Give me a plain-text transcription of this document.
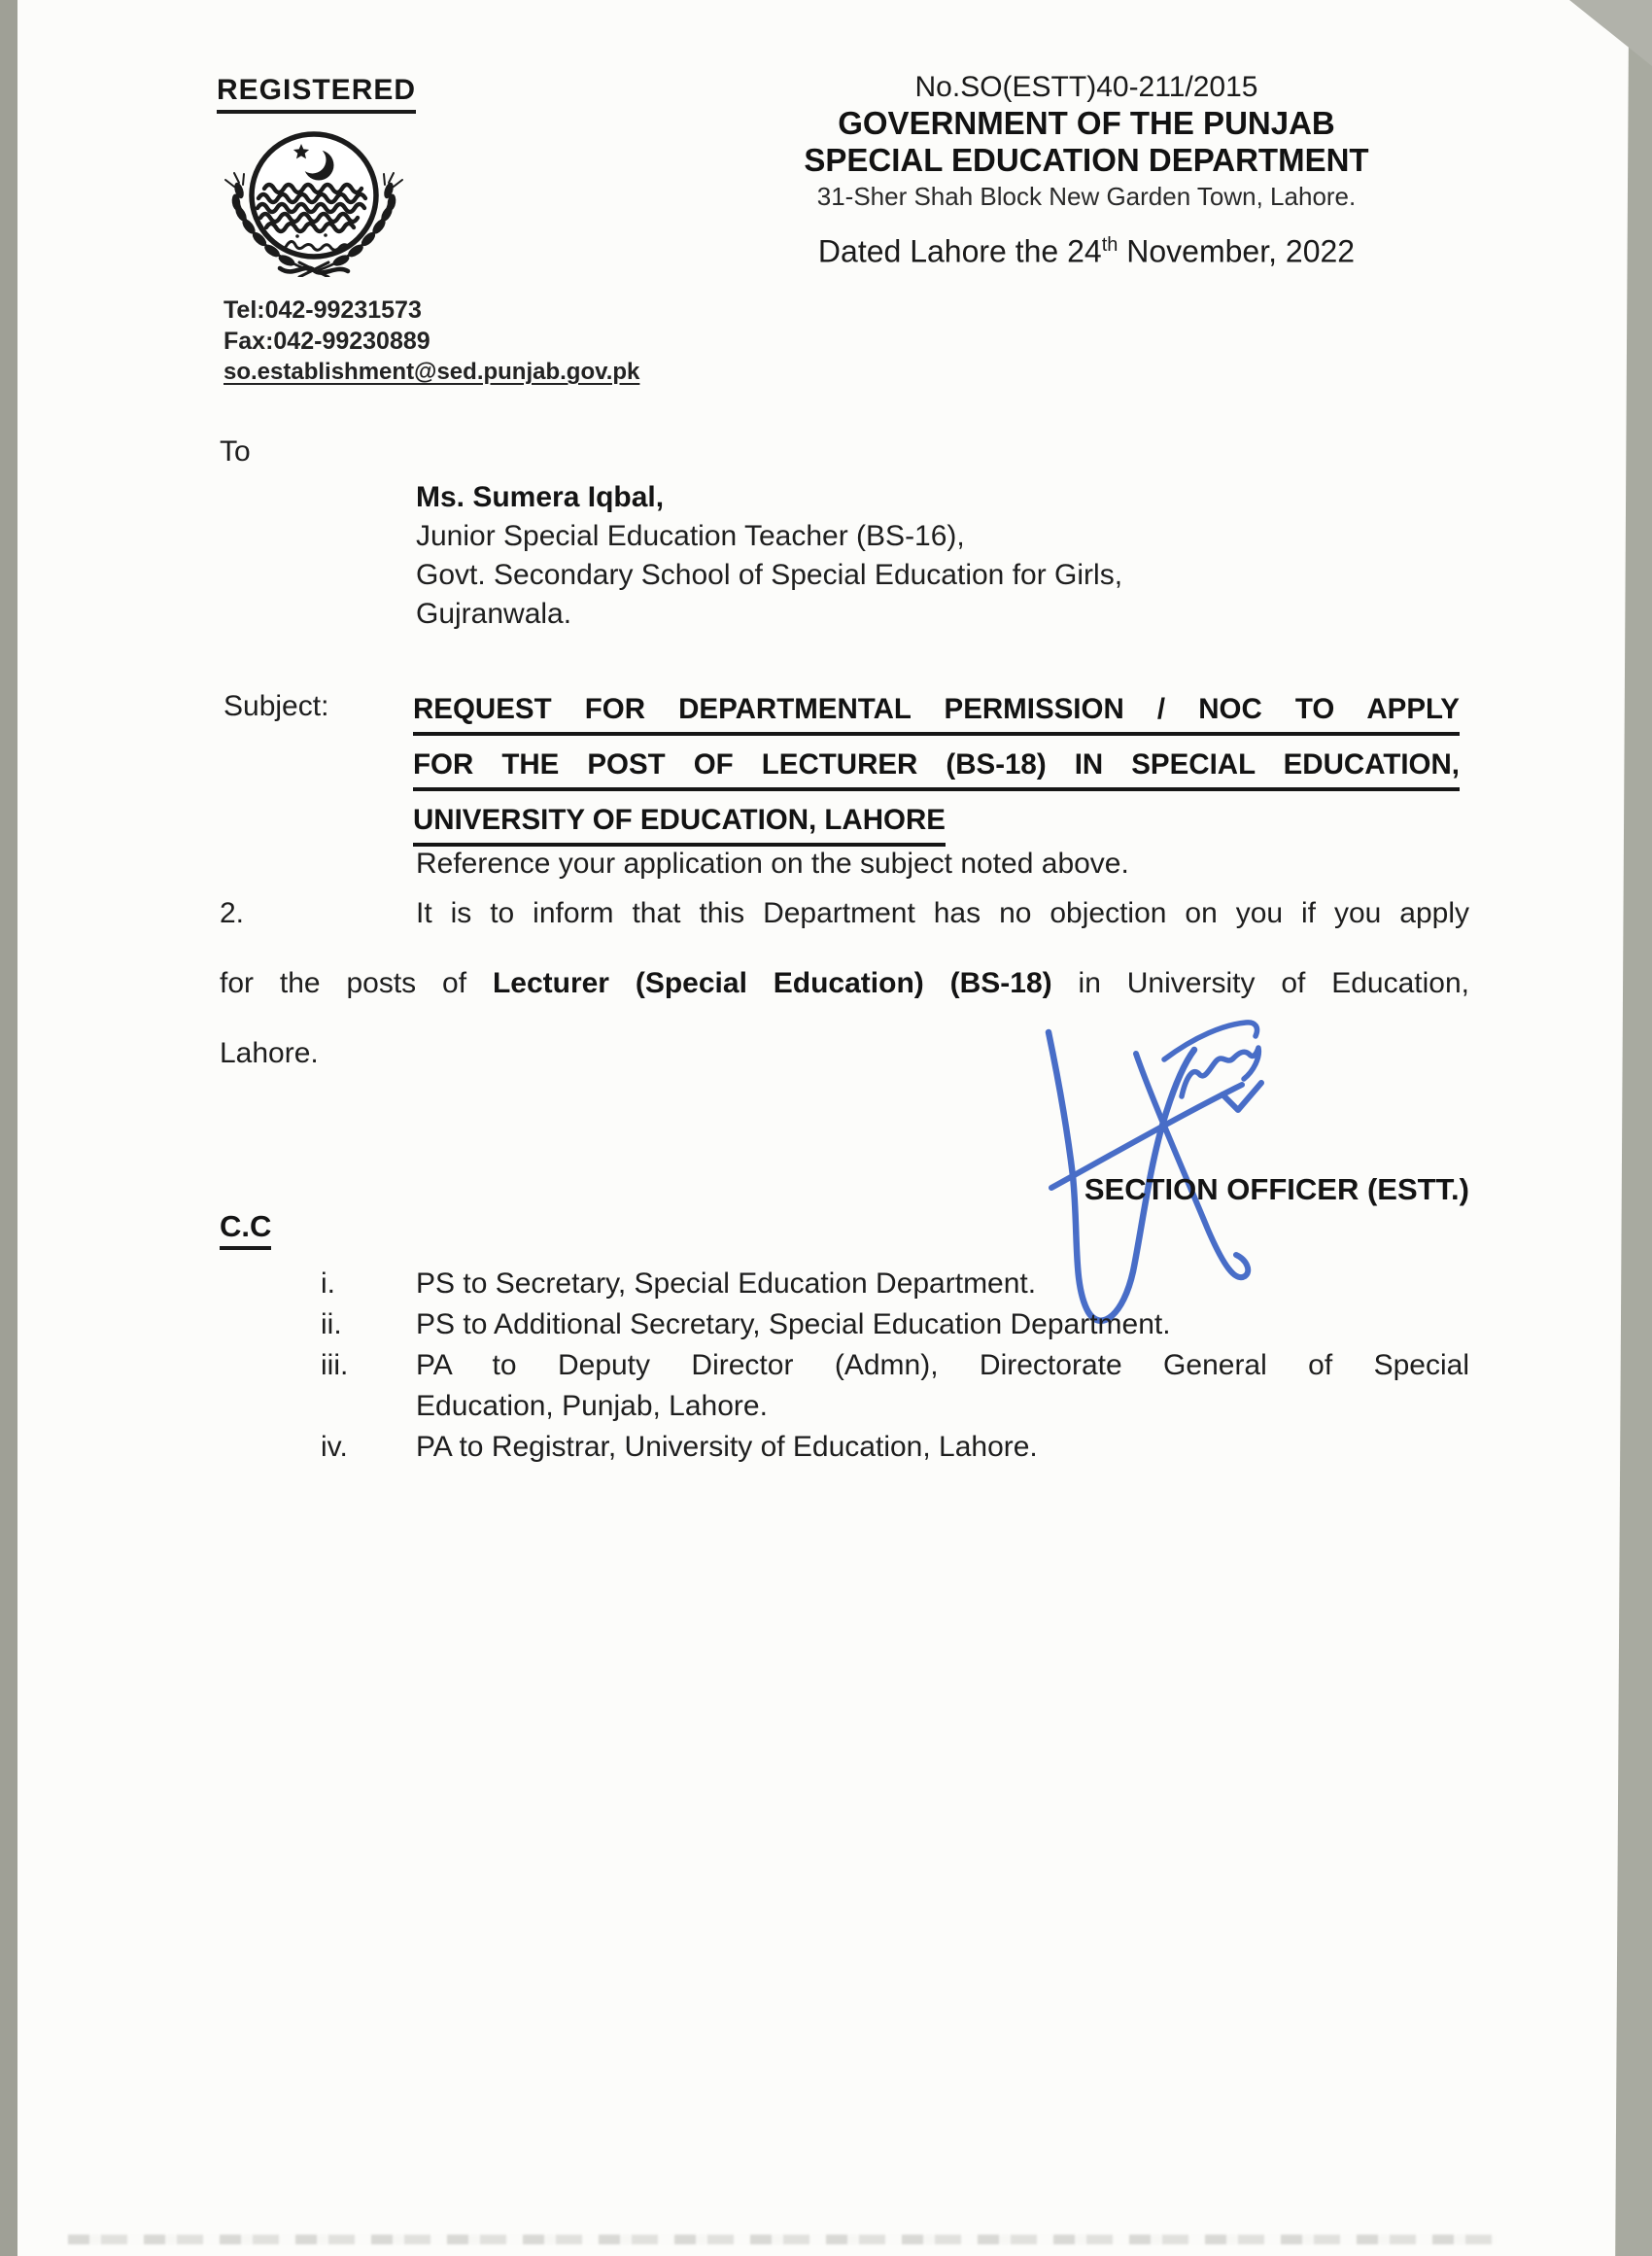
REGISTERED
Tel:042-99231573
Fax:042-99230889
so.establishment@sed.punjab.gov.pk
No.SO(ESTT)40-211/2015
GOVERNMENT OF THE PUNJAB
SPECIAL EDUCATION DEPARTMENT
31-Sher Shah Block New Garden Town, Lahore.
Dated Lahore the 24th November, 2022
To
Ms. Sumera Iqbal,
Junior Special Education Teacher (BS-16),
Govt. Secondary School of Special Education for Girls,
Gujranwala.
Subject:	REQUEST FOR DEPARTMENTAL PERMISSION / NOC TO APPLY
FOR THE POST OF LECTURER (BS-18) IN SPECIAL EDUCATION,
UNIVERSITY OF EDUCATION, LAHORE
Reference your application on the subject noted above.
2.	It is to inform that this Department has no objection on you if you apply
for the posts of Lecturer (Special Education) (BS-18) in University of Education,
Lahore.
SECTION OFFICER (ESTT.)
C.C
i.	PS to Secretary, Special Education Department.
ii.	PS to Additional Secretary, Special Education Department.
iii.	PA to Deputy Director (Admn), Directorate General of Special
Education, Punjab, Lahore.
iv.	PA to Registrar, University of Education, Lahore.
